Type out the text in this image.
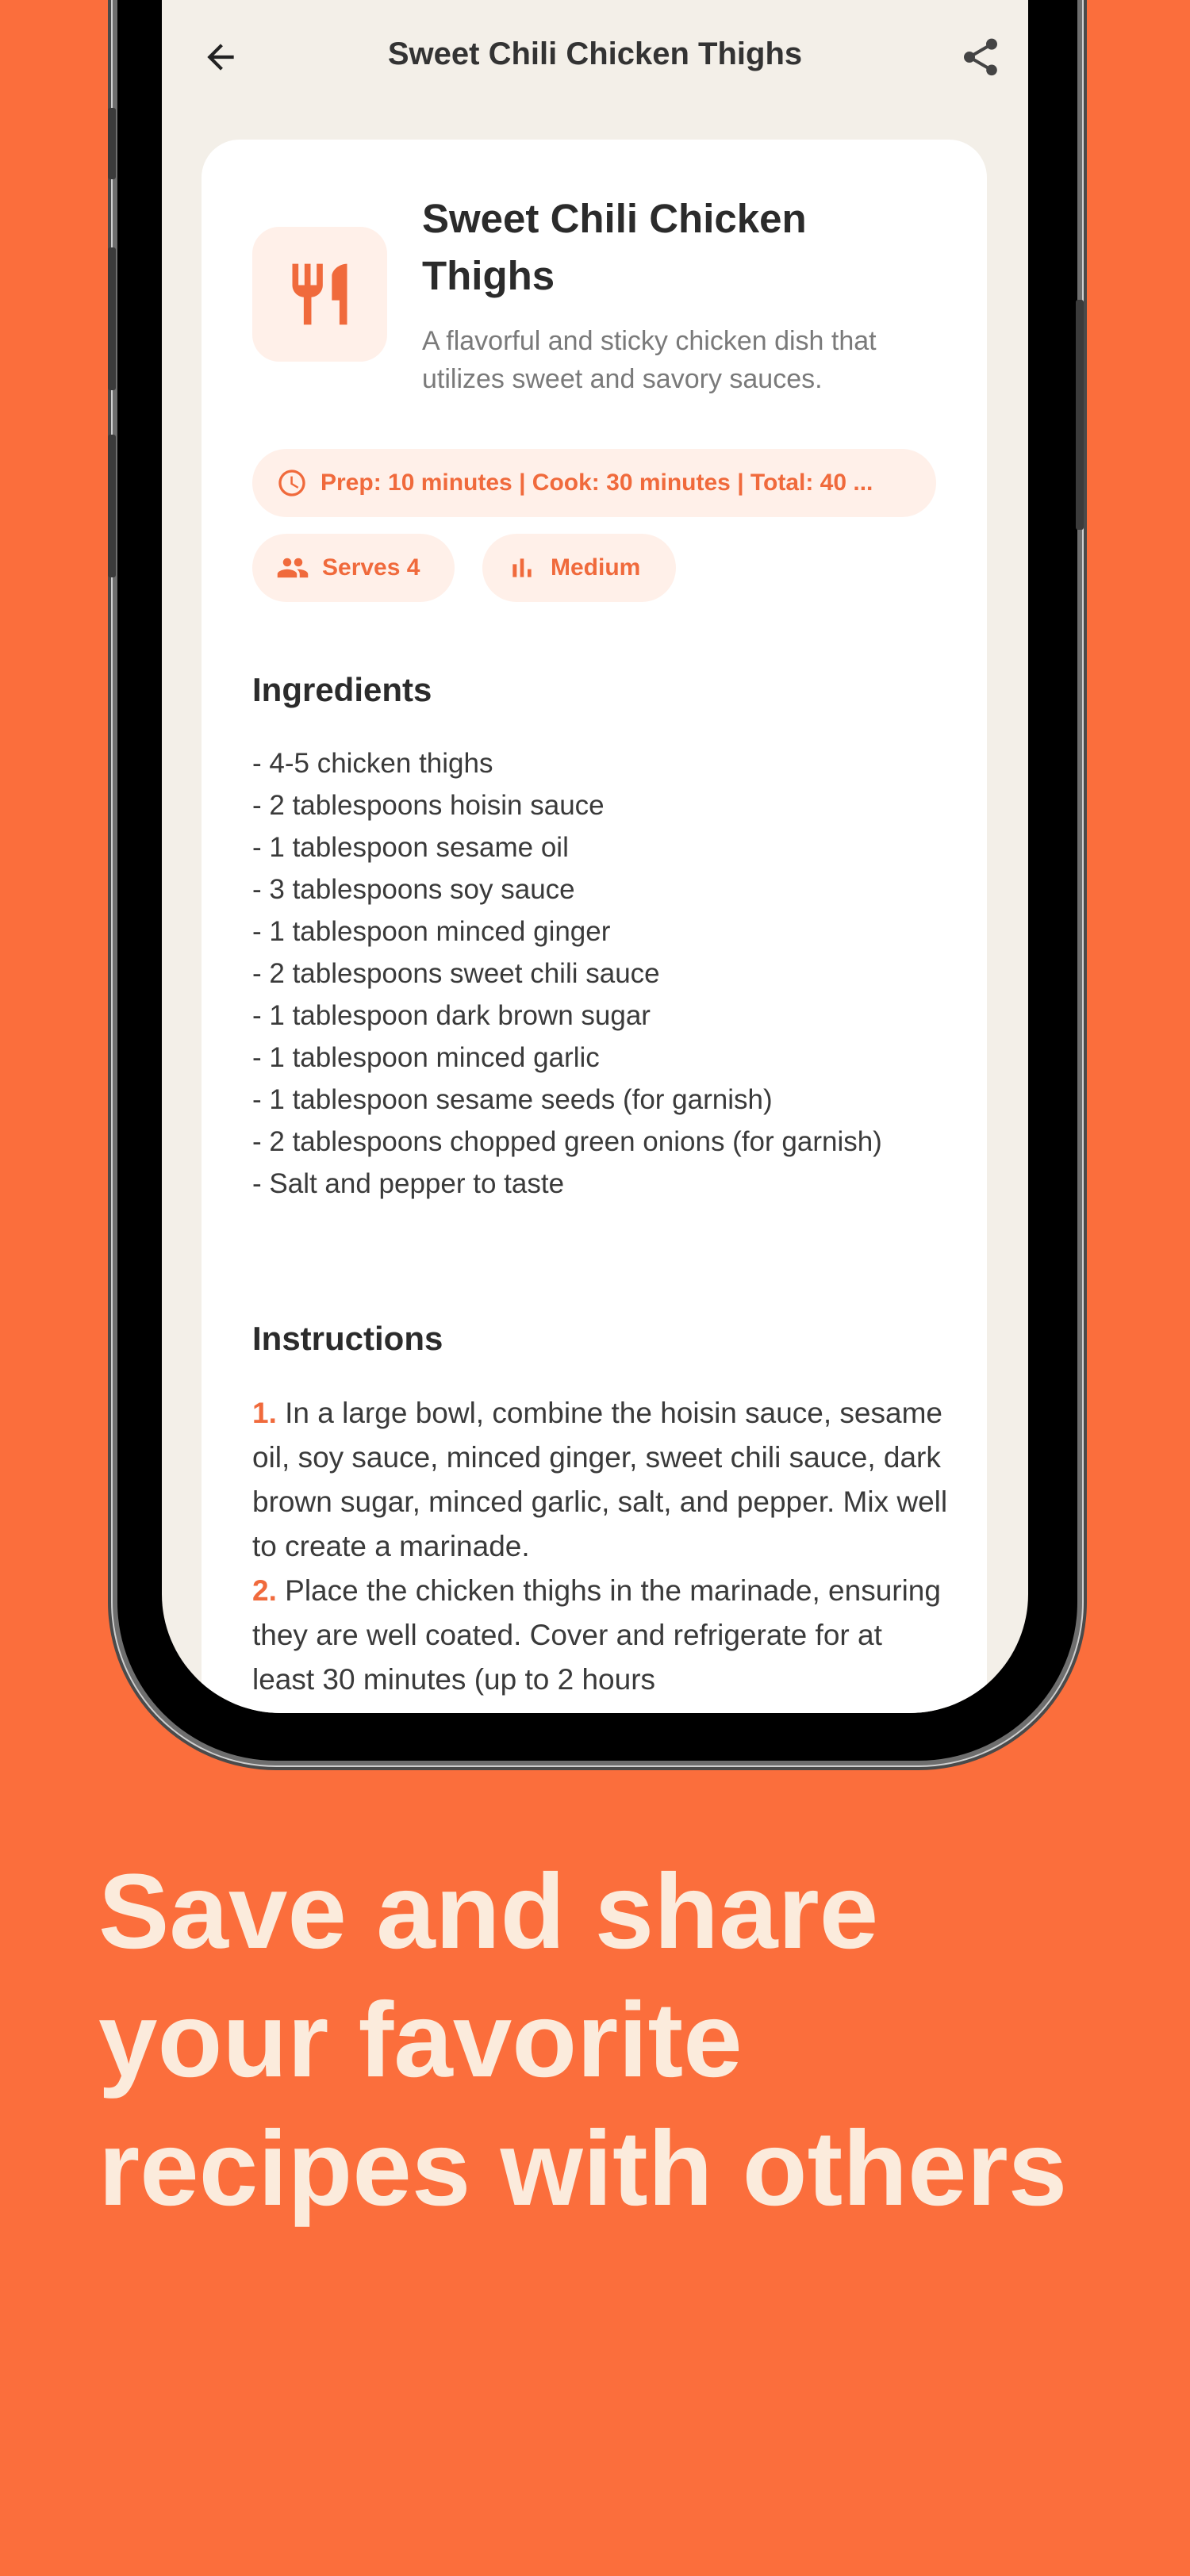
Sweet Chili Chicken Thighs
Sweet Chili Chicken Thighs
A flavorful and sticky chicken dish that utilizes sweet and savory sauces.
Prep: 10 minutes | Cook: 30 minutes | Total: 40 ...
Serves 4	Medium
Ingredients
- 4-5 chicken thighs
- 2 tablespoons hoisin sauce
- 1 tablespoon sesame oil
- 3 tablespoons soy sauce
- 1 tablespoon minced ginger
- 2 tablespoons sweet chili sauce
- 1 tablespoon dark brown sugar
- 1 tablespoon minced garlic
- 1 tablespoon sesame seeds (for garnish)
- 2 tablespoons chopped green onions (for garnish)
- Salt and pepper to taste
Instructions
1. In a large bowl, combine the hoisin sauce, sesame oil, soy sauce, minced ginger, sweet chili sauce, dark brown sugar, minced garlic, salt, and pepper. Mix well to create a marinade.
2. Place the chicken thighs in the marinade, ensuring they are well coated. Cover and refrigerate for at least 30 minutes (up to 2 hours
Save and share your favorite recipes with others
